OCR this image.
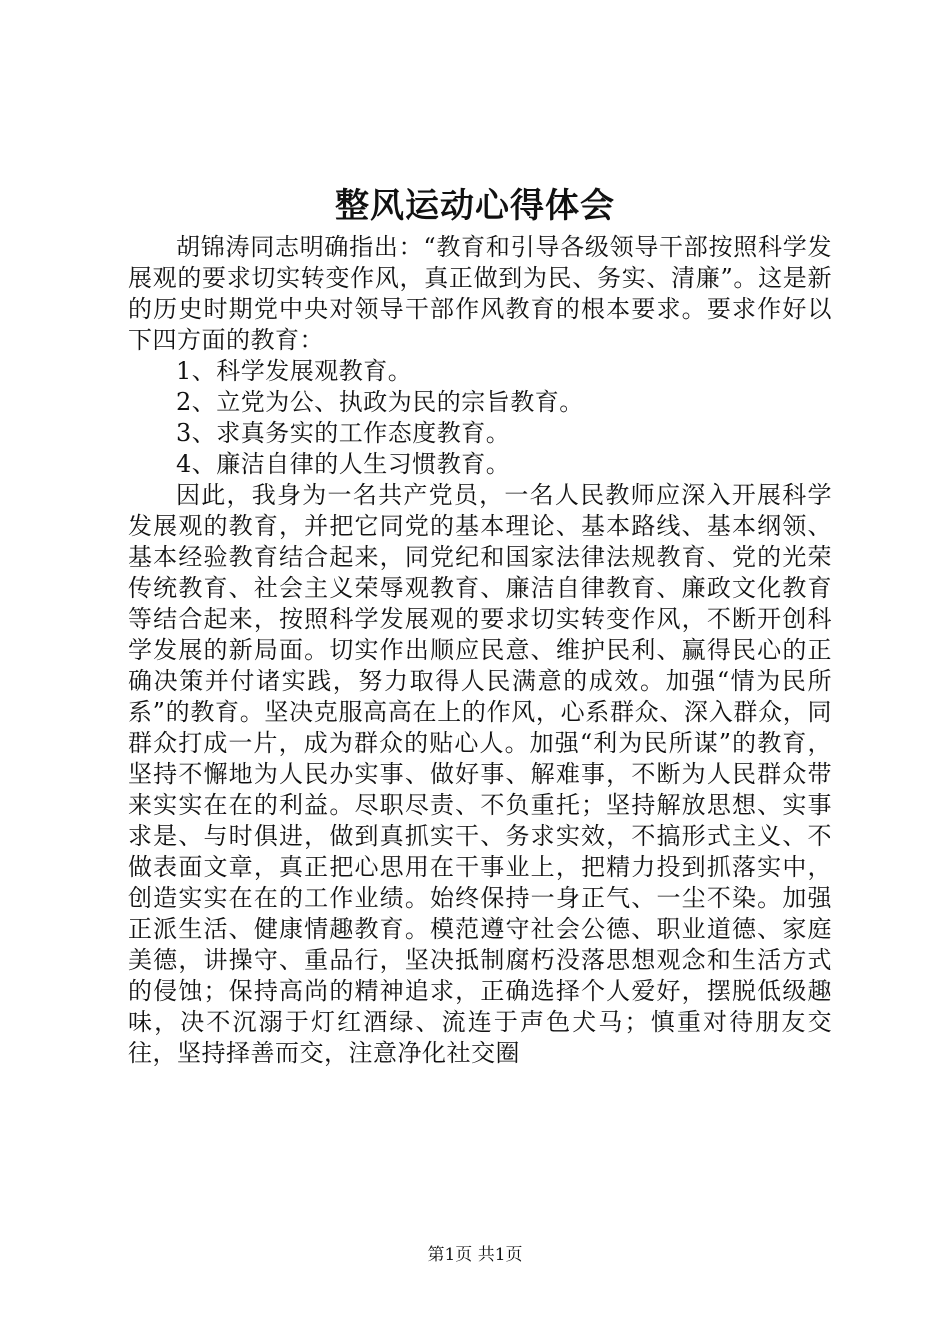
整风运动心得体会

胡锦涛同志明确指出：“教育和引导各级领导干部按照科学发展观的要求切实转变作风，真正做到为民、务实、清廉”。这是新的历史时期党中央对领导干部作风教育的根本要求。要求作好以下四方面的教育：

1、科学发展观教育。

2、立党为公、执政为民的宗旨教育。

3、求真务实的工作态度教育。

4、廉洁自律的人生习惯教育。

因此，我身为一名共产党员，一名人民教师应深入开展科学发展观的教育，并把它同党的基本理论、基本路线、基本纲领、基本经验教育结合起来，同党纪和国家法律法规教育、党的光荣传统教育、社会主义荣辱观教育、廉洁自律教育、廉政文化教育等结合起来，按照科学发展观的要求切实转变作风，不断开创科学发展的新局面。切实作出顺应民意、维护民利、赢得民心的正确决策并付诸实践，努力取得人民满意的成效。加强“情为民所系”的教育。坚决克服高高在上的作风，心系群众、深入群众，同群众打成一片，成为群众的贴心人。加强“利为民所谋”的教育，坚持不懈地为人民办实事、做好事、解难事，不断为人民群众带来实实在在的利益。尽职尽责、不负重托；坚持解放思想、实事求是、与时俱进，做到真抓实干、务求实效，不搞形式主义、不做表面文章，真正把心思用在干事业上，把精力投到抓落实中，创造实实在在的工作业绩。始终保持一身正气、一尘不染。加强正派生活、健康情趣教育。模范遵守社会公德、职业道德、家庭美德，讲操守、重品行，坚决抵制腐朽没落思想观念和生活方式的侵蚀；保持高尚的精神追求，正确选择个人爱好，摆脱低级趣味，决不沉溺于灯红酒绿、流连于声色犬马；慎重对待朋友交往，坚持择善而交，注意净化社交圈

第1页 共1页
